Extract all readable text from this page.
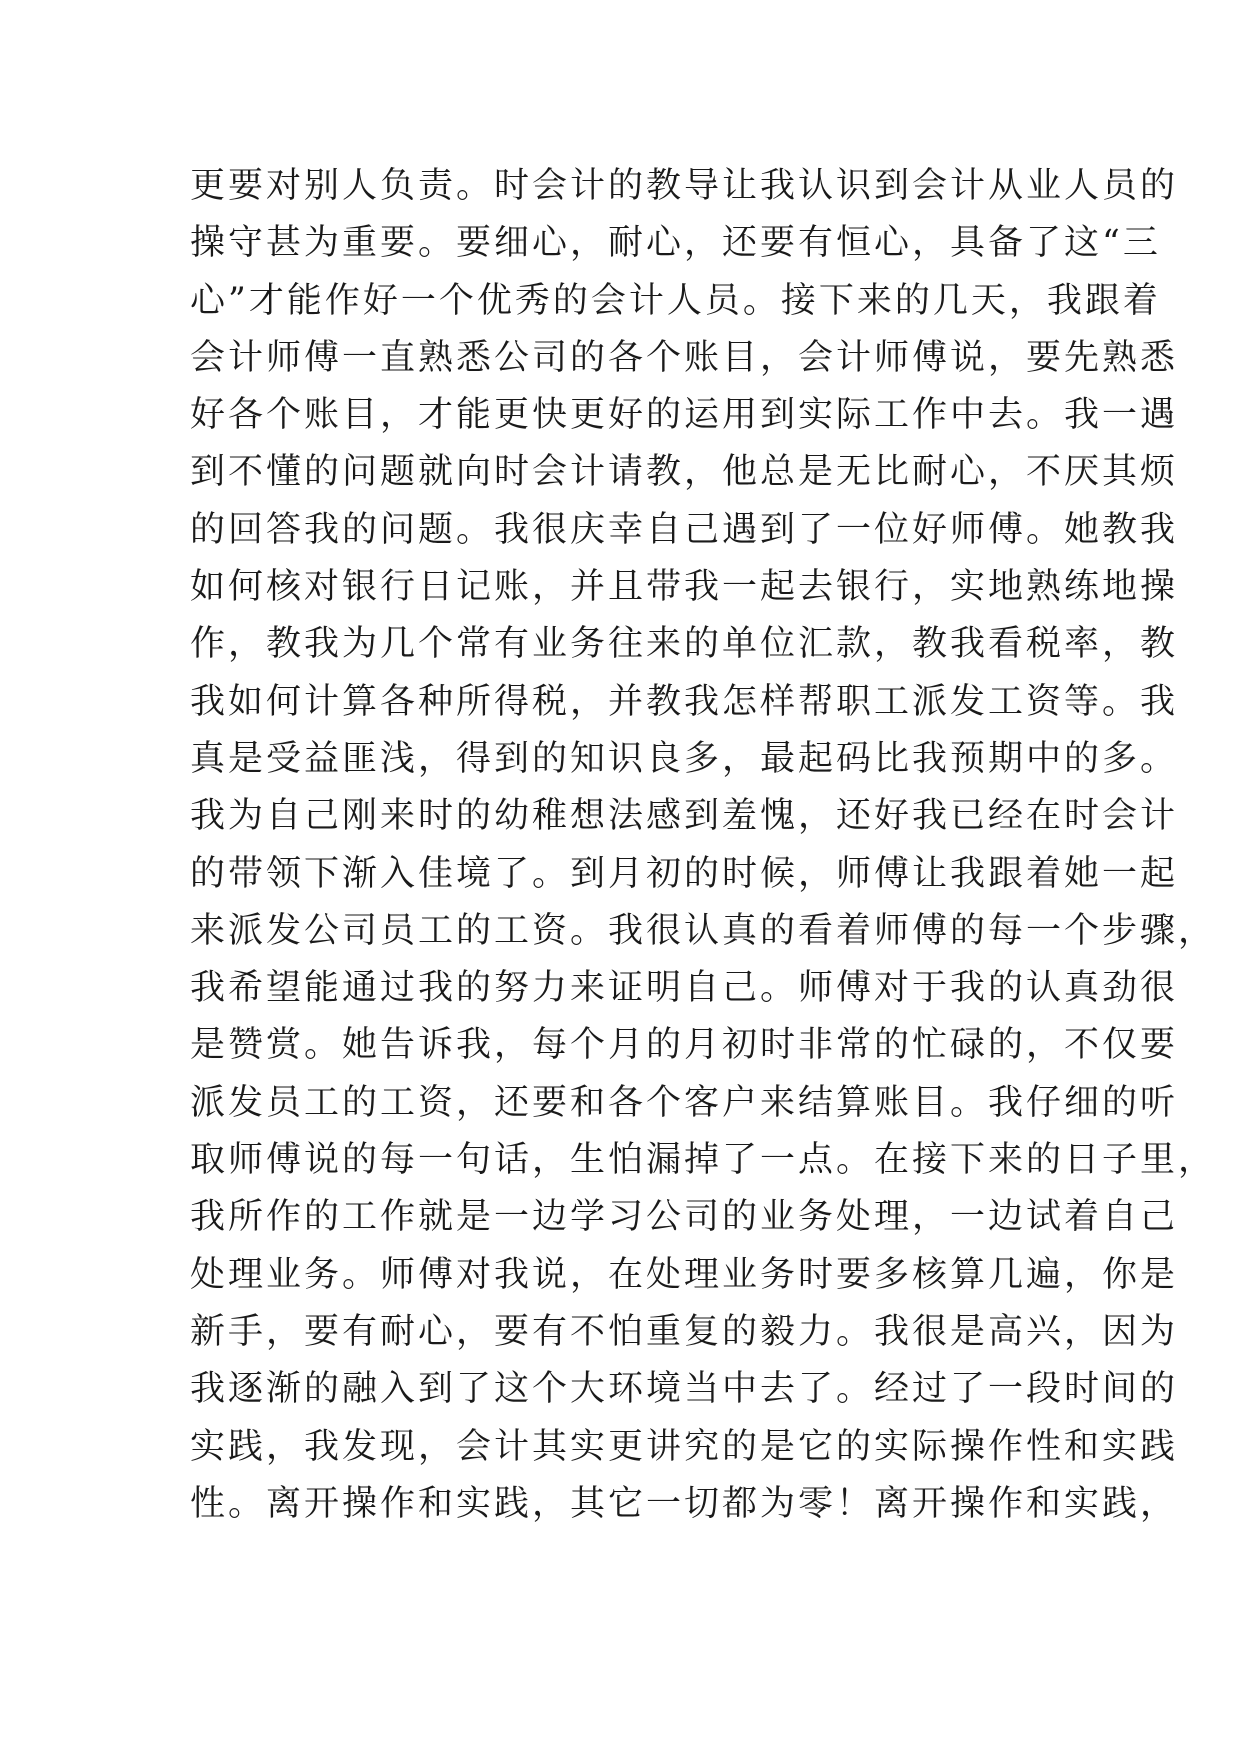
更要对别人负责。时会计的教导让我认识到会计从业人员的
操守甚为重要。要细心，耐心，还要有恒心，具备了这“三
心”才能作好一个优秀的会计人员。接下来的几天，我跟着
会计师傅一直熟悉公司的各个账目，会计师傅说，要先熟悉
好各个账目，才能更快更好的运用到实际工作中去。我一遇
到不懂的问题就向时会计请教，他总是无比耐心，不厌其烦
的回答我的问题。我很庆幸自己遇到了一位好师傅。她教我
如何核对银行日记账，并且带我一起去银行，实地熟练地操
作，教我为几个常有业务往来的单位汇款，教我看税率，教
我如何计算各种所得税，并教我怎样帮职工派发工资等。我
真是受益匪浅，得到的知识良多，最起码比我预期中的多。
我为自己刚来时的幼稚想法感到羞愧，还好我已经在时会计
的带领下渐入佳境了。到月初的时候，师傅让我跟着她一起
来派发公司员工的工资。我很认真的看着师傅的每一个步骤，
我希望能通过我的努力来证明自己。师傅对于我的认真劲很
是赞赏。她告诉我，每个月的月初时非常的忙碌的，不仅要
派发员工的工资，还要和各个客户来结算账目。我仔细的听
取师傅说的每一句话，生怕漏掉了一点。在接下来的日子里，
我所作的工作就是一边学习公司的业务处理，一边试着自己
处理业务。师傅对我说，在处理业务时要多核算几遍，你是
新手，要有耐心，要有不怕重复的毅力。我很是高兴，因为
我逐渐的融入到了这个大环境当中去了。经过了一段时间的
实践，我发现，会计其实更讲究的是它的实际操作性和实践
性。离开操作和实践，其它一切都为零！离开操作和实践，
